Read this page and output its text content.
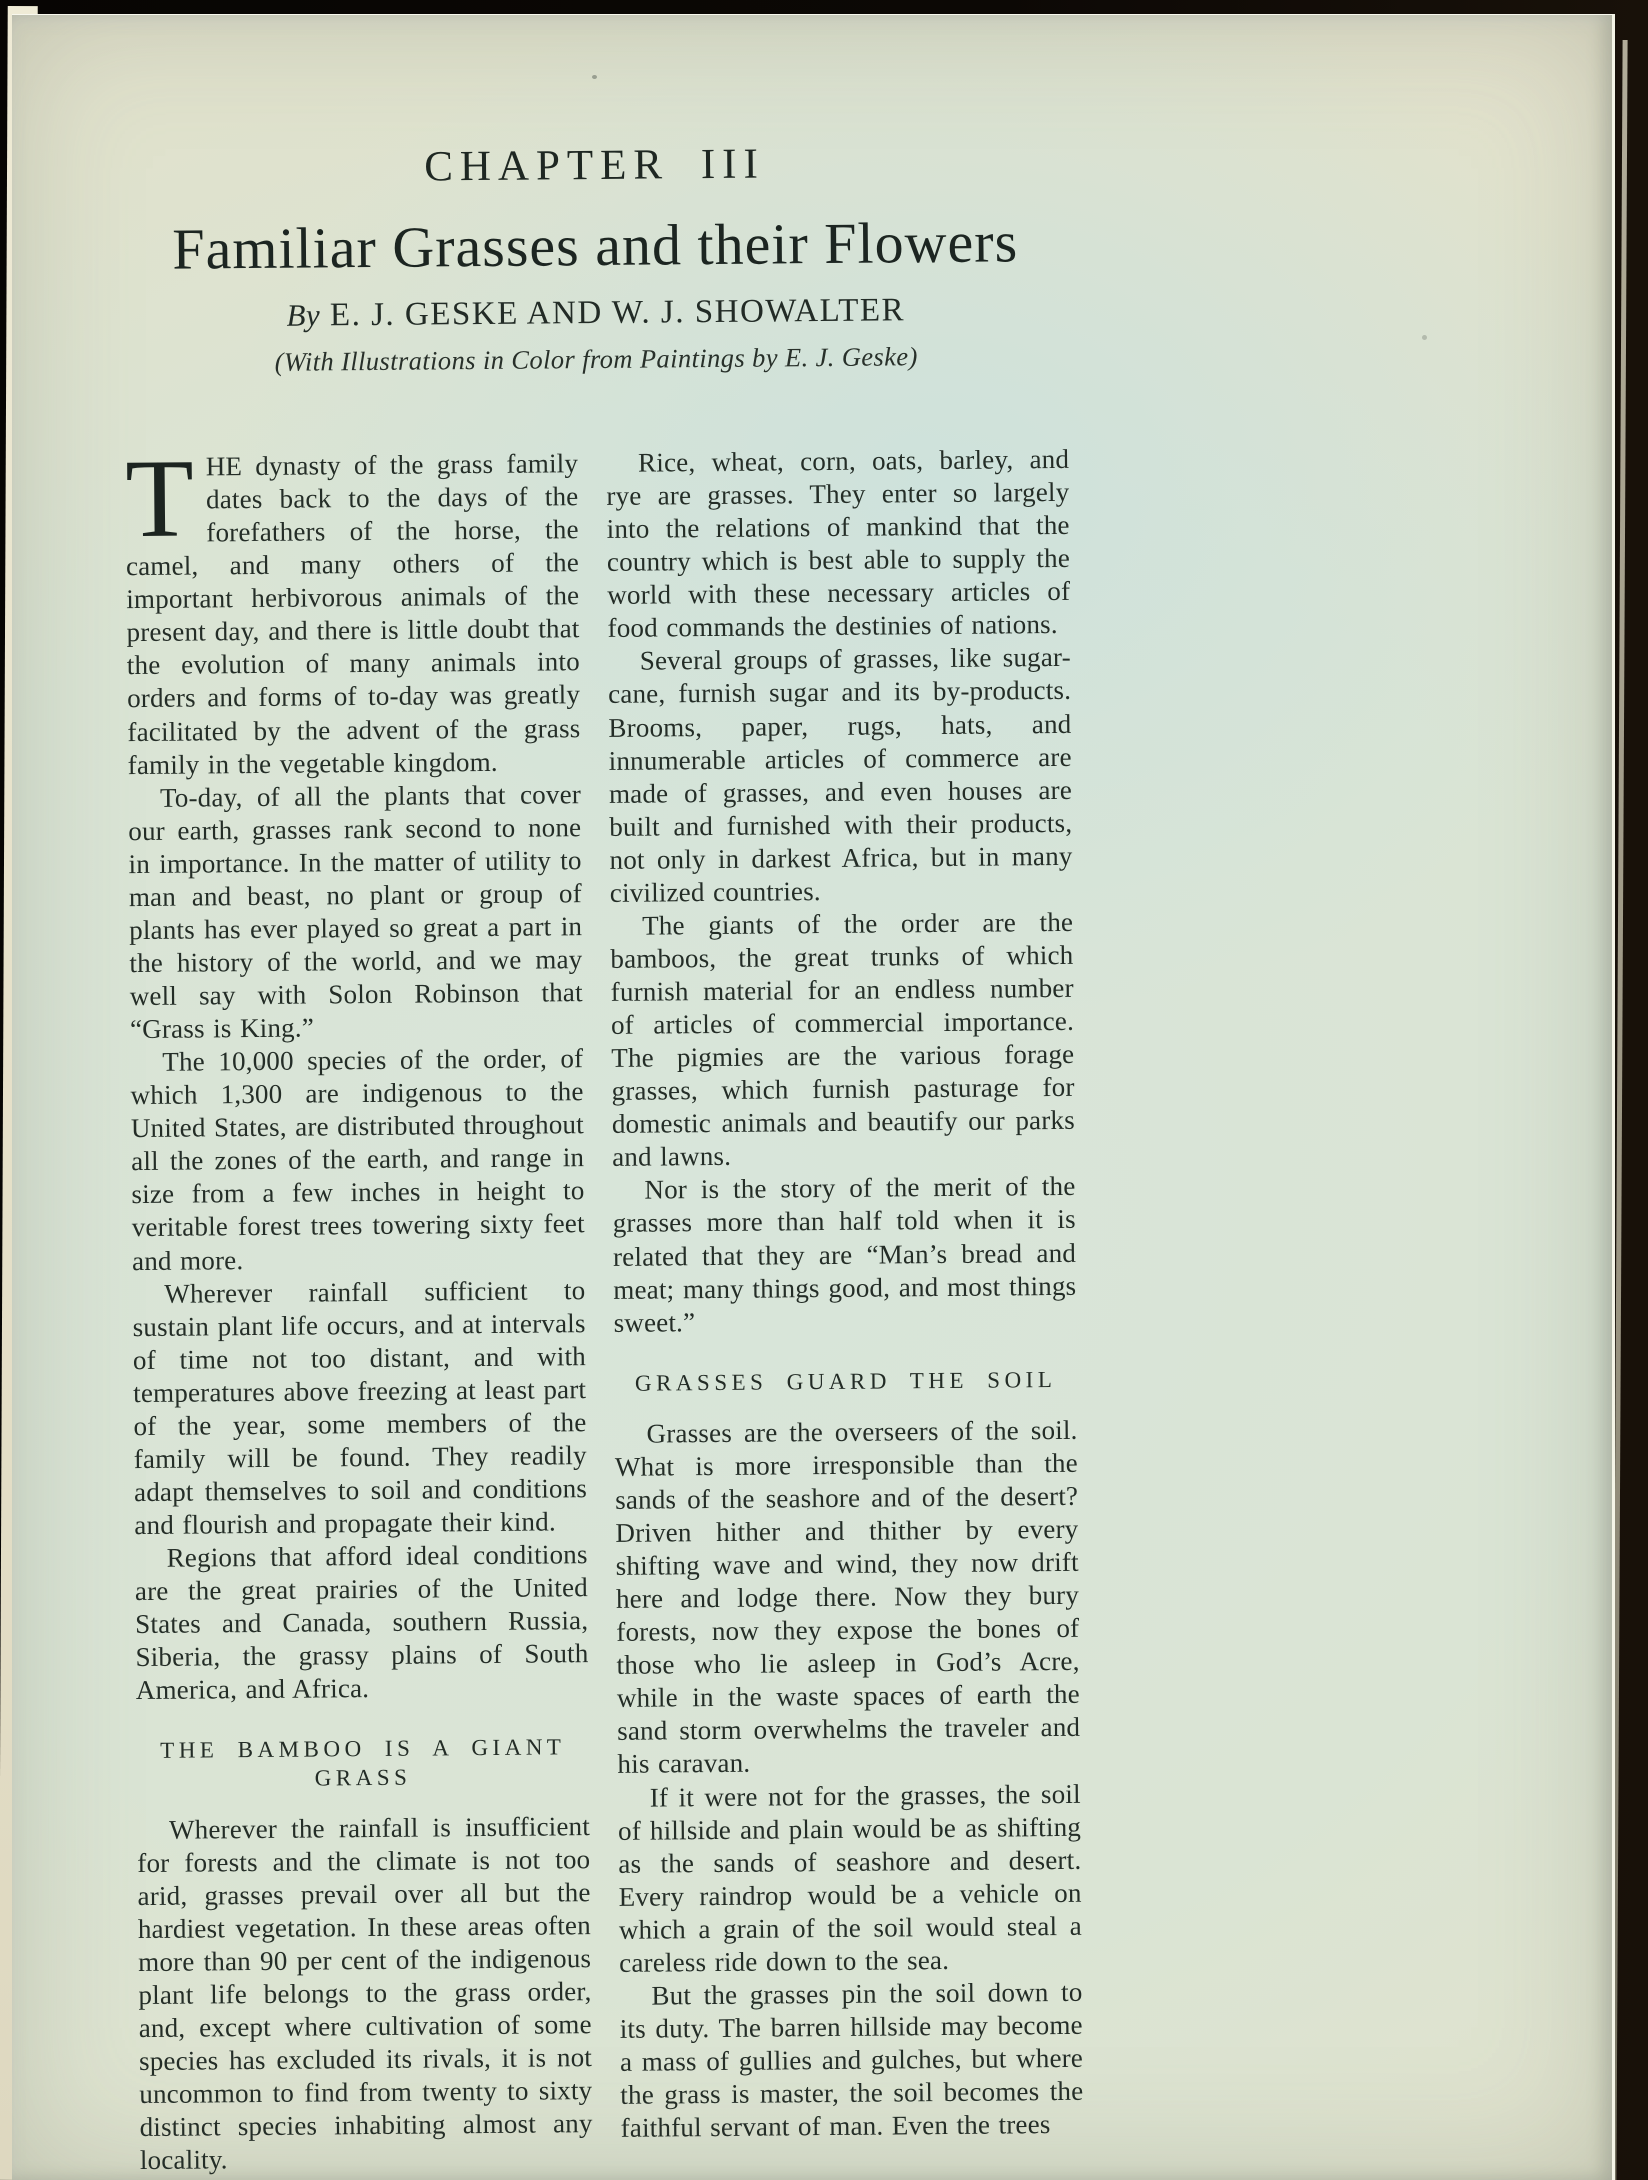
CHAPTER III
Familiar Grasses and their Flowers
By E. J. GESKE AND W. J. SHOWALTER
(With Illustrations in Color from Paintings by E. J. Geske)

THE dynasty of the grass family dates back to the days of the forefathers of the horse, the camel, and many others of the important herbivorous animals of the present day, and there is little doubt that the evolution of many animals into orders and forms of to-day was greatly facilitated by the advent of the grass family in the vegetable kingdom.

To-day, of all the plants that cover our earth, grasses rank second to none in importance. In the matter of utility to man and beast, no plant or group of plants has ever played so great a part in the history of the world, and we may well say with Solon Robinson that “Grass is King.”

The 10,000 species of the order, of which 1,300 are indigenous to the United States, are distributed throughout all the zones of the earth, and range in size from a few inches in height to veritable forest trees towering sixty feet and more.

Wherever rainfall sufficient to sustain plant life occurs, and at intervals of time not too distant, and with temperatures above freezing at least part of the year, some members of the family will be found. They readily adapt themselves to soil and conditions and flourish and propagate their kind.

Regions that afford ideal conditions are the great prairies of the United States and Canada, southern Russia, Siberia, the grassy plains of South America, and Africa.

THE BAMBOO IS A GIANT GRASS

Wherever the rainfall is insufficient for forests and the climate is not too arid, grasses prevail over all but the hardiest vegetation. In these areas often more than 90 per cent of the indigenous plant life belongs to the grass order, and, except where cultivation of some species has excluded its rivals, it is not uncommon to find from twenty to sixty distinct species inhabiting almost any locality.

Rice, wheat, corn, oats, barley, and rye are grasses. They enter so largely into the relations of mankind that the country which is best able to supply the world with these necessary articles of food commands the destinies of nations.

Several groups of grasses, like sugar-cane, furnish sugar and its by-products. Brooms, paper, rugs, hats, and innumerable articles of commerce are made of grasses, and even houses are built and furnished with their products, not only in darkest Africa, but in many civilized countries.

The giants of the order are the bamboos, the great trunks of which furnish material for an endless number of articles of commercial importance. The pigmies are the various forage grasses, which furnish pasturage for domestic animals and beautify our parks and lawns.

Nor is the story of the merit of the grasses more than half told when it is related that they are “Man’s bread and meat; many things good, and most things sweet.”

GRASSES GUARD THE SOIL

Grasses are the overseers of the soil. What is more irresponsible than the sands of the seashore and of the desert? Driven hither and thither by every shifting wave and wind, they now drift here and lodge there. Now they bury forests, now they expose the bones of those who lie asleep in God’s Acre, while in the waste spaces of earth the sand storm overwhelms the traveler and his caravan.

If it were not for the grasses, the soil of hillside and plain would be as shifting as the sands of seashore and desert. Every raindrop would be a vehicle on which a grain of the soil would steal a careless ride down to the sea.

But the grasses pin the soil down to its duty. The barren hillside may become a mass of gullies and gulches, but where the grass is master, the soil becomes the faithful servant of man. Even the trees
